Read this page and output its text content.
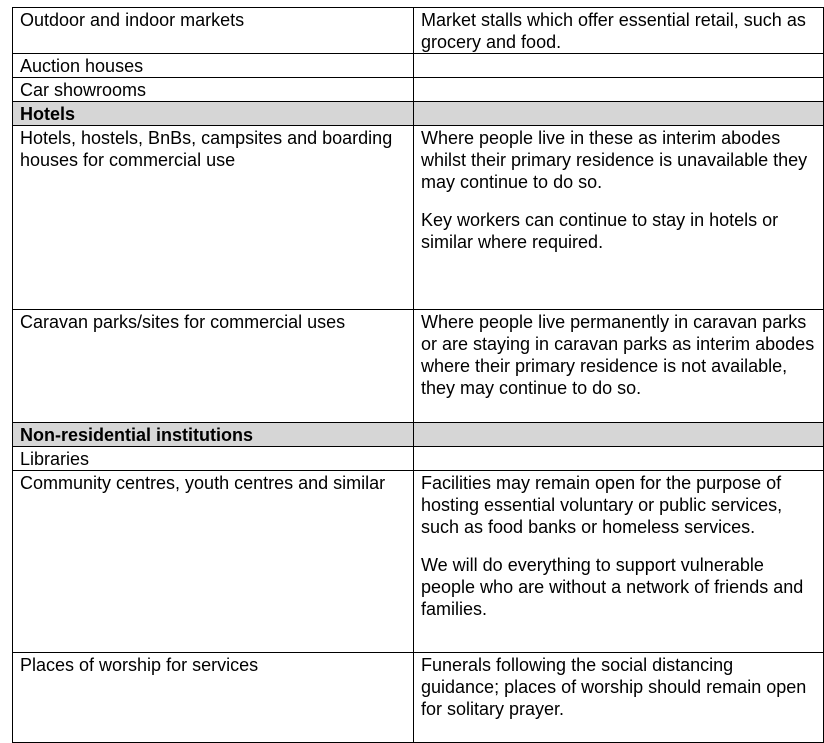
Outdoor and indoor markets	Market stalls which offer essential retail, such as grocery and food.

Auction houses	
Car showrooms	
Hotels	
Hotels, hostels, BnBs, campsites and boarding houses for commercial use	Where people live in these as interim abodes whilst their primary residence is unavailable they may continue to do so.

Key workers can continue to stay in hotels or similar where required.

Caravan parks/sites for commercial uses	Where people live permanently in caravan parks or are staying in caravan parks as interim abodes where their primary residence is not available, they may continue to do so.

Non-residential institutions	
Libraries	
Community centres, youth centres and similar	Facilities may remain open for the purpose of hosting essential voluntary or public services, such as food banks or homeless services.

We will do everything to support vulnerable people who are without a network of friends and families.

Places of worship for services	Funerals following the social distancing guidance; places of worship should remain open for solitary prayer.
